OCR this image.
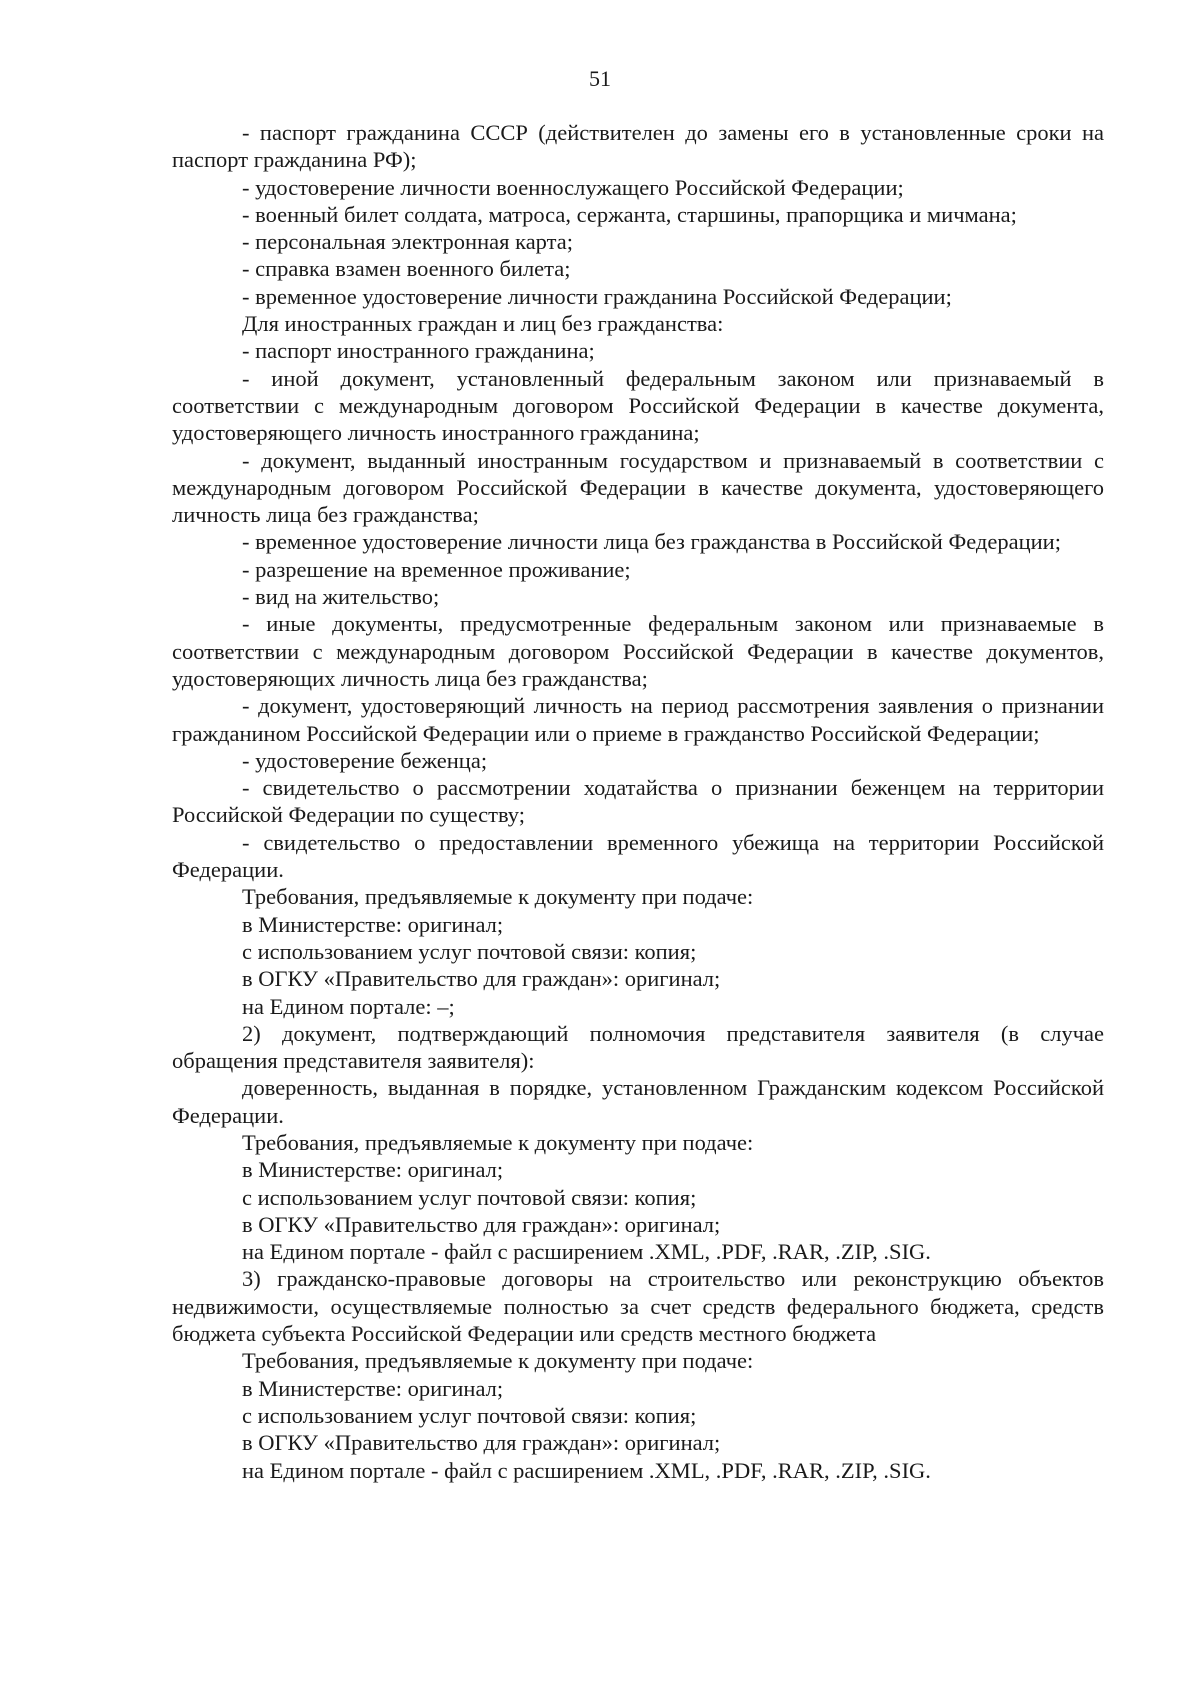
51

- паспорт гражданина СССР (действителен до замены его в установленные сроки на паспорт гражданина РФ);

- удостоверение личности военнослужащего Российской Федерации;

- военный билет солдата, матроса, сержанта, старшины, прапорщика и мичмана;

- персональная электронная карта;

- справка взамен военного билета;

- временное удостоверение личности гражданина Российской Федерации;

Для иностранных граждан и лиц без гражданства:

- паспорт иностранного гражданина;

- иной документ, установленный федеральным законом или признаваемый в соответствии с международным договором Российской Федерации в качестве документа, удостоверяющего личность иностранного гражданина;

- документ, выданный иностранным государством и признаваемый в соответствии с международным договором Российской Федерации в качестве документа, удостоверяющего личность лица без гражданства;

- временное удостоверение личности лица без гражданства в Российской Федерации;

- разрешение на временное проживание;

- вид на жительство;

- иные документы, предусмотренные федеральным законом или признаваемые в соответствии с международным договором Российской Федерации в качестве документов, удостоверяющих личность лица без гражданства;

- документ, удостоверяющий личность на период рассмотрения заявления о признании гражданином Российской Федерации или о приеме в гражданство Российской Федерации;

- удостоверение беженца;

- свидетельство о рассмотрении ходатайства о признании беженцем на территории Российской Федерации по существу;

- свидетельство о предоставлении временного убежища на территории Российской Федерации.

Требования, предъявляемые к документу при подаче:

в Министерстве: оригинал;

с использованием услуг почтовой связи: копия;

в ОГКУ «Правительство для граждан»: оригинал;

на Едином портале: –;

2) документ, подтверждающий полномочия представителя заявителя (в случае обращения представителя заявителя):

доверенность, выданная в порядке, установленном Гражданским кодексом Российской Федерации.

Требования, предъявляемые к документу при подаче:

в Министерстве: оригинал;

с использованием услуг почтовой связи: копия;

в ОГКУ «Правительство для граждан»: оригинал;

на Едином портале - файл с расширением .XML, .PDF, .RAR, .ZIP, .SIG.

3) гражданско-правовые договоры на строительство или реконструкцию объектов недвижимости, осуществляемые полностью за счет средств федерального бюджета, средств бюджета субъекта Российской Федерации или средств местного бюджета

Требования, предъявляемые к документу при подаче:

в Министерстве: оригинал;

с использованием услуг почтовой связи: копия;

в ОГКУ «Правительство для граждан»: оригинал;

на Едином портале - файл с расширением .XML, .PDF, .RAR, .ZIP, .SIG.
